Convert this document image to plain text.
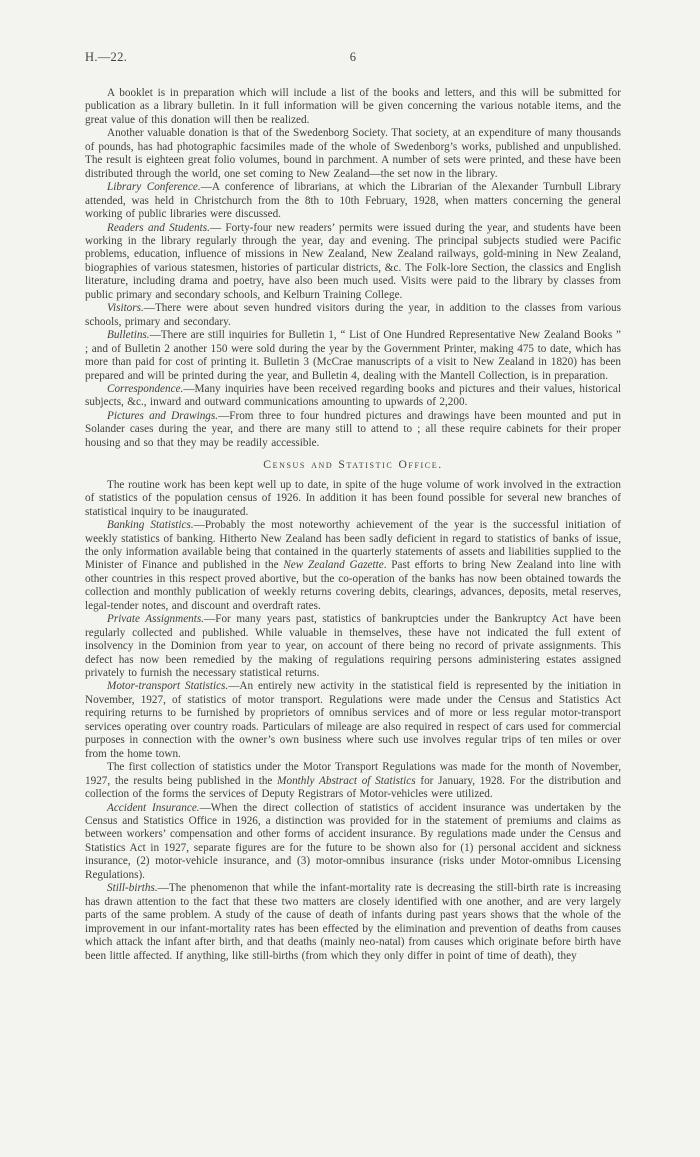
H.—22.	6

A booklet is in preparation which will include a list of the books and letters, and this will be submitted for publication as a library bulletin. In it full information will be given concerning the various notable items, and the great value of this donation will then be realized.

Another valuable donation is that of the Swedenborg Society. That society, at an expenditure of many thousands of pounds, has had photographic facsimiles made of the whole of Swedenborg’s works, published and unpublished. The result is eighteen great folio volumes, bound in parchment. A number of sets were printed, and these have been distributed through the world, one set coming to New Zealand—the set now in the library.

Library Conference.—A conference of librarians, at which the Librarian of the Alexander Turnbull Library attended, was held in Christchurch from the 8th to 10th February, 1928, when matters concerning the general working of public libraries were discussed.

Readers and Students.— Forty-four new readers’ permits were issued during the year, and students have been working in the library regularly through the year, day and evening. The principal subjects studied were Pacific problems, education, influence of missions in New Zealand, New Zealand railways, gold-mining in New Zealand, biographies of various statesmen, histories of particular districts, &c. The Folk-lore Section, the classics and English literature, including drama and poetry, have also been much used. Visits were paid to the library by classes from public primary and secondary schools, and Kelburn Training College.

Visitors.—There were about seven hundred visitors during the year, in addition to the classes from various schools, primary and secondary.

Bulletins.—There are still inquiries for Bulletin 1, “ List of One Hundred Representative New Zealand Books ” ; and of Bulletin 2 another 150 were sold during the year by the Government Printer, making 475 to date, which has more than paid for cost of printing it. Bulletin 3 (McCrae manuscripts of a visit to New Zealand in 1820) has been prepared and will be printed during the year, and Bulletin 4, dealing with the Mantell Collection, is in preparation.

Correspondence.—Many inquiries have been received regarding books and pictures and their values, historical subjects, &c., inward and outward communications amounting to upwards of 2,200.

Pictures and Drawings.—From three to four hundred pictures and drawings have been mounted and put in Solander cases during the year, and there are many still to attend to ; all these require cabinets for their proper housing and so that they may be readily accessible.

Census and Statistic Office.

The routine work has been kept well up to date, in spite of the huge volume of work involved in the extraction of statistics of the population census of 1926. In addition it has been found possible for several new branches of statistical inquiry to be inaugurated.

Banking Statistics.—Probably the most noteworthy achievement of the year is the successful initiation of weekly statistics of banking. Hitherto New Zealand has been sadly deficient in regard to statistics of banks of issue, the only information available being that contained in the quarterly statements of assets and liabilities supplied to the Minister of Finance and published in the New Zealand Gazette. Past efforts to bring New Zealand into line with other countries in this respect proved abortive, but the co-operation of the banks has now been obtained towards the collection and monthly publication of weekly returns covering debits, clearings, advances, deposits, metal reserves, legal-tender notes, and discount and overdraft rates.

Private Assignments.—For many years past, statistics of bankruptcies under the Bankruptcy Act have been regularly collected and published. While valuable in themselves, these have not indicated the full extent of insolvency in the Dominion from year to year, on account of there being no record of private assignments. This defect has now been remedied by the making of regulations requiring persons administering estates assigned privately to furnish the necessary statistical returns.

Motor-transport Statistics.—An entirely new activity in the statistical field is represented by the initiation in November, 1927, of statistics of motor transport. Regulations were made under the Census and Statistics Act requiring returns to be furnished by proprietors of omnibus services and of more or less regular motor-transport services operating over country roads. Particulars of mileage are also required in respect of cars used for commercial purposes in connection with the owner’s own business where such use involves regular trips of ten miles or over from the home town.

The first collection of statistics under the Motor Transport Regulations was made for the month of November, 1927, the results being published in the Monthly Abstract of Statistics for January, 1928. For the distribution and collection of the forms the services of Deputy Registrars of Motor-vehicles were utilized.

Accident Insurance.—When the direct collection of statistics of accident insurance was undertaken by the Census and Statistics Office in 1926, a distinction was provided for in the statement of premiums and claims as between workers’ compensation and other forms of accident insurance. By regulations made under the Census and Statistics Act in 1927, separate figures are for the future to be shown also for (1) personal accident and sickness insurance, (2) motor-vehicle insurance, and (3) motor-omnibus insurance (risks under Motor-omnibus Licensing Regulations).

Still-births.—The phenomenon that while the infant-mortality rate is decreasing the still-birth rate is increasing has drawn attention to the fact that these two matters are closely identified with one another, and are very largely parts of the same problem. A study of the cause of death of infants during past years shows that the whole of the improvement in our infant-mortality rates has been effected by the elimination and prevention of deaths from causes which attack the infant after birth, and that deaths (mainly neo-natal) from causes which originate before birth have been little affected. If anything, like still-births (from which they only differ in point of time of death), they
